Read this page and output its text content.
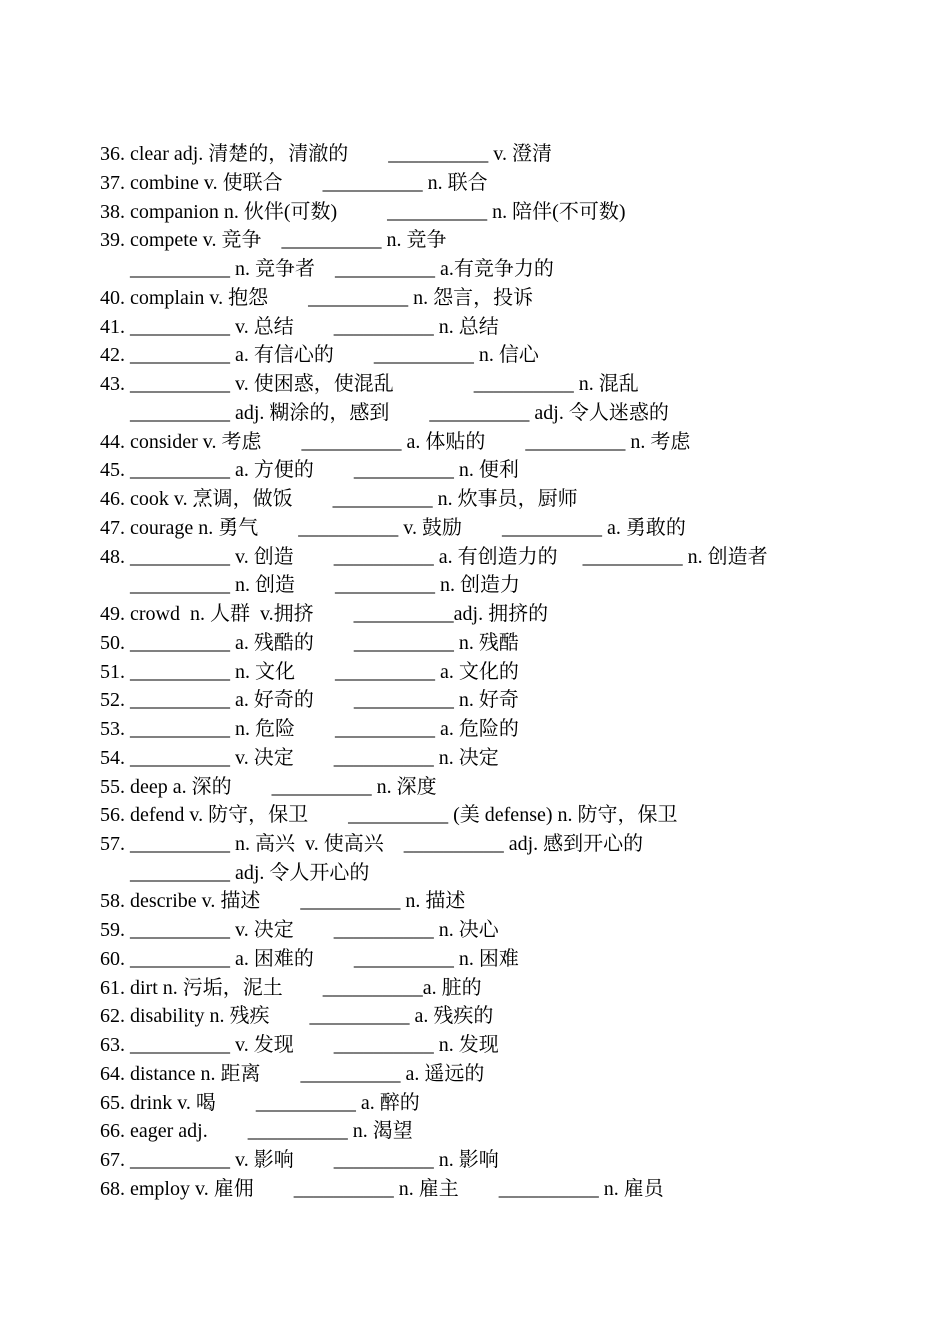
36. clear adj. 清楚的，清澈的        __________ v. 澄清
37. combine v. 使联合        __________ n. 联合
38. companion n. 伙伴(可数)          __________ n. 陪伴(不可数)
39. compete v. 竞争    __________ n. 竞争
__________ n. 竞争者    __________ a.有竞争力的
40. complain v. 抱怨        __________ n. 怨言，投诉
41. __________ v. 总结        __________ n. 总结
42. __________ a. 有信心的        __________ n. 信心
43. __________ v. 使困惑，使混乱                __________ n. 混乱
__________ adj. 糊涂的，感到        __________ adj. 令人迷惑的
44. consider v. 考虑        __________ a. 体贴的        __________ n. 考虑
45. __________ a. 方便的        __________ n. 便利
46. cook v. 烹调，做饭        __________ n. 炊事员，厨师
47. courage n. 勇气        __________ v. 鼓励        __________ a. 勇敢的
48. __________ v. 创造        __________ a. 有创造力的     __________ n. 创造者
__________ n. 创造        __________ n. 创造力
49. crowd  n. 人群  v.拥挤        __________adj. 拥挤的
50. __________ a. 残酷的        __________ n. 残酷
51. __________ n. 文化        __________ a. 文化的
52. __________ a. 好奇的        __________ n. 好奇
53. __________ n. 危险        __________ a. 危险的
54. __________ v. 决定        __________ n. 决定
55. deep a. 深的        __________ n. 深度
56. defend v. 防守，保卫        __________ (美 defense) n. 防守，保卫
57. __________ n. 高兴  v. 使高兴    __________ adj. 感到开心的
__________ adj. 令人开心的
58. describe v. 描述        __________ n. 描述
59. __________ v. 决定        __________ n. 决心
60. __________ a. 困难的        __________ n. 困难
61. dirt n. 污垢，泥土        __________a. 脏的
62. disability n. 残疾        __________ a. 残疾的
63. __________ v. 发现        __________ n. 发现
64. distance n. 距离        __________ a. 遥远的
65. drink v. 喝        __________ a. 醉的
66. eager adj.        __________ n. 渴望
67. __________ v. 影响        __________ n. 影响
68. employ v. 雇佣        __________ n. 雇主        __________ n. 雇员
